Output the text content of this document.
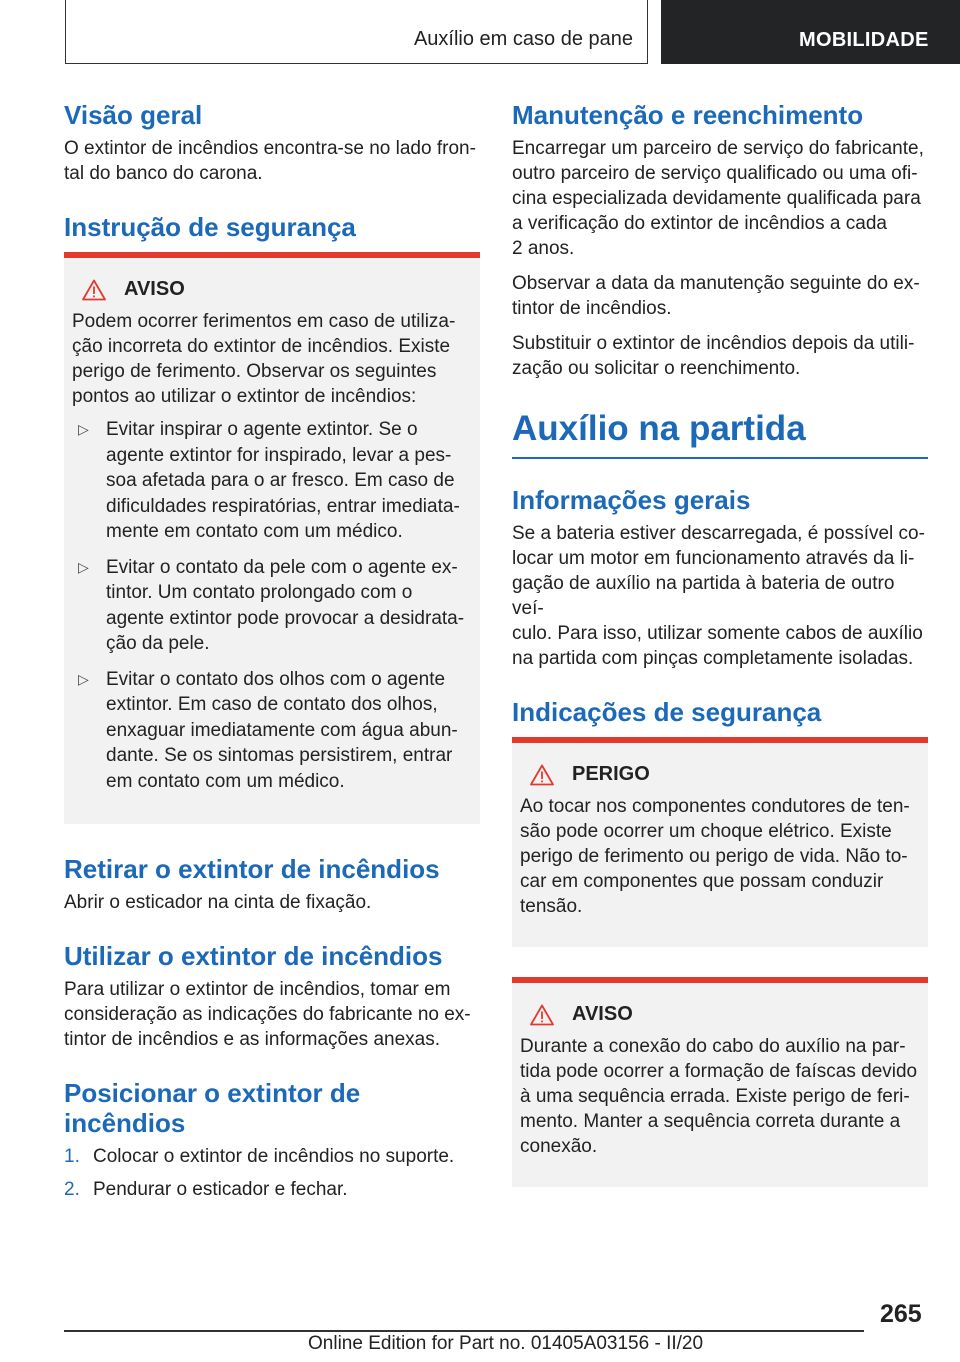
Auxílio em caso de pane	MOBILIDADE
Visão geral

O extintor de incêndios encontra-se no lado fron-
tal do banco do carona.

Instrução de segurança
AVISO

Podem ocorrer ferimentos em caso de utiliza-
ção incorreta do extintor de incêndios. Existe
perigo de ferimento. Observar os seguintes
pontos ao utilizar o extintor de incêndios:

▷ Evitar inspirar o agente extintor. Se o
agente extintor for inspirado, levar a pes-
soa afetada para o ar fresco. Em caso de
dificuldades respiratórias, entrar imediata-
mente em contato com um médico.
▷ Evitar o contato da pele com o agente ex-
tintor. Um contato prolongado com o
agente extintor pode provocar a desidrata-
ção da pele.
▷ Evitar o contato dos olhos com o agente
extintor. Em caso de contato dos olhos,
enxaguar imediatamente com água abun-
dante. Se os sintomas persistirem, entrar
em contato com um médico.
Retirar o extintor de incêndios

Abrir o esticador na cinta de fixação.

Utilizar o extintor de incêndios

Para utilizar o extintor de incêndios, tomar em
consideração as indicações do fabricante no ex-
tintor de incêndios e as informações anexas.

Posicionar o extintor de
incêndios
1. Colocar o extintor de incêndios no suporte.
2. Pendurar o esticador e fechar.
Manutenção e reenchimento

Encarregar um parceiro de serviço do fabricante,
outro parceiro de serviço qualificado ou uma ofi-
cina especializada devidamente qualificada para
a verificação do extintor de incêndios a cada
2 anos.

Observar a data da manutenção seguinte do ex-
tintor de incêndios.

Substituir o extintor de incêndios depois da utili-
zação ou solicitar o reenchimento.

Auxílio na partida
Informações gerais

Se a bateria estiver descarregada, é possível co-
locar um motor em funcionamento através da li-
gação de auxílio na partida à bateria de outro veí-
culo. Para isso, utilizar somente cabos de auxílio
na partida com pinças completamente isoladas.

Indicações de segurança
PERIGO

Ao tocar nos componentes condutores de ten-
são pode ocorrer um choque elétrico. Existe
perigo de ferimento ou perigo de vida. Não to-
car em componentes que possam conduzir
tensão.

AVISO

Durante a conexão do cabo do auxílio na par-
tida pode ocorrer a formação de faíscas devido
à uma sequência errada. Existe perigo de feri-
mento. Manter a sequência correta durante a
conexão.

265
Online Edition for Part no. 01405A03156 - II/20
